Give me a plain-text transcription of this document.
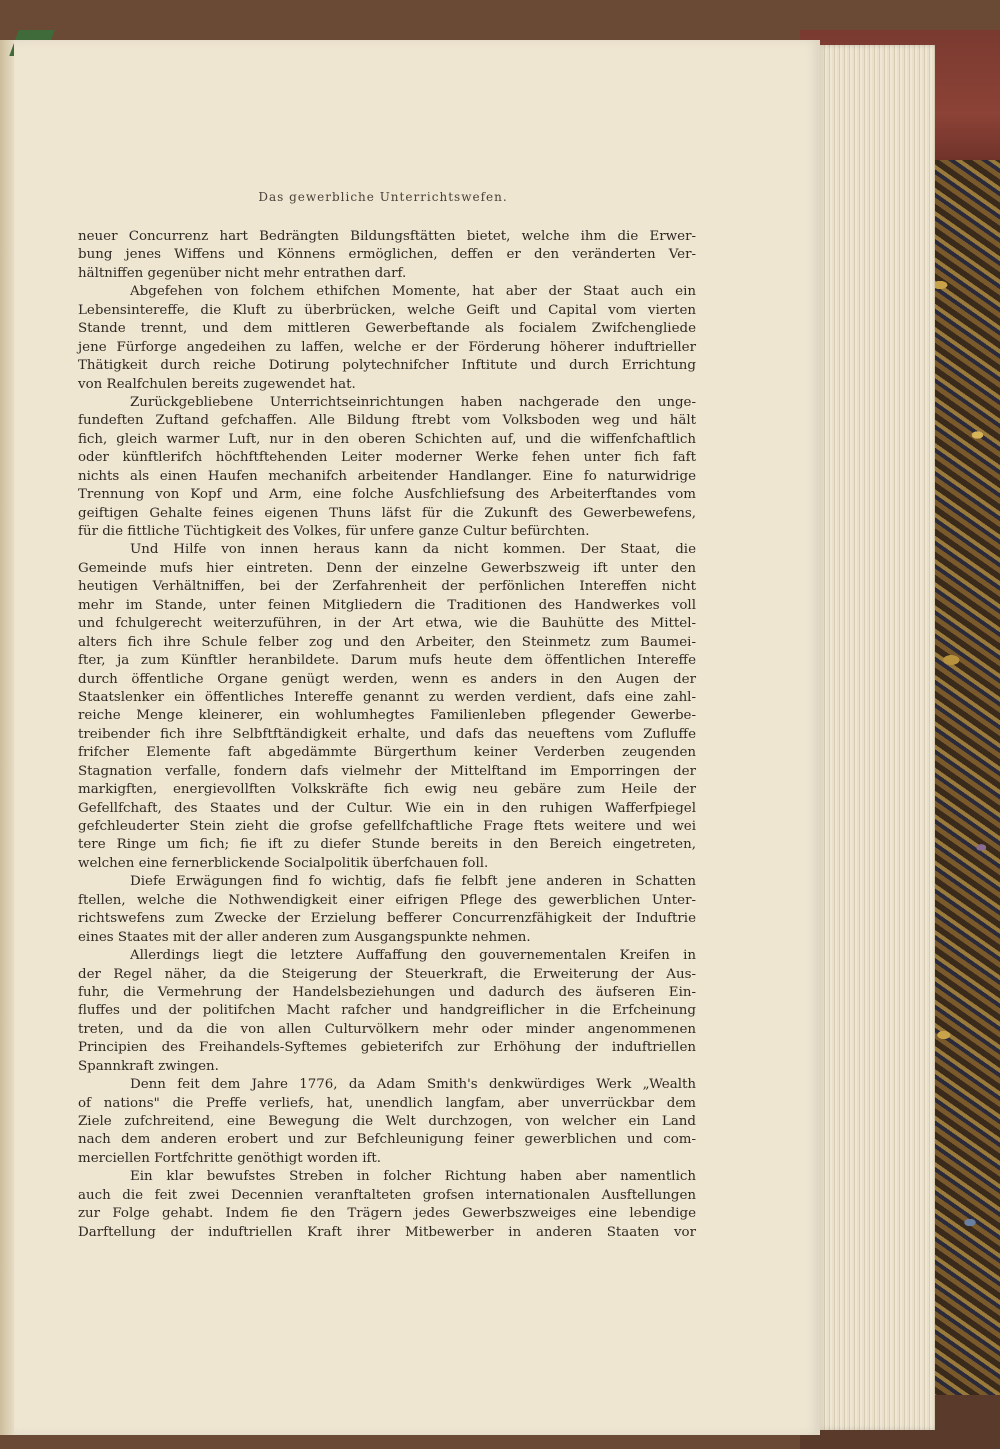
Das gewerbliche Unterrichtswefen.
neuer Concurrenz hart Bedrängten Bildungsftätten bietet, welche ihm die Erwer-
bung jenes Wiffens und Könnens ermöglichen, deffen er den veränderten Ver-
hältniffen gegenüber nicht mehr entrathen darf.
Abgefehen von folchem ethifchen Momente, hat aber der Staat auch ein
Lebensintereffe, die Kluft zu überbrücken, welche Geift und Capital vom vierten
Stande trennt, und dem mittleren Gewerbeftande als focialem Zwifchengliede
jene Fürforge angedeihen zu laffen, welche er der Förderung höherer induftrieller
Thätigkeit durch reiche Dotirung polytechnifcher Inftitute und durch Errichtung
von Realfchulen bereits zugewendet hat.
Zurückgebliebene Unterrichtseinrichtungen haben nachgerade den unge-
fundeften Zuftand gefchaffen. Alle Bildung ftrebt vom Volksboden weg und hält
fich, gleich warmer Luft, nur in den oberen Schichten auf, und die wiffenfchaftlich
oder künftlerifch höchftftehenden Leiter moderner Werke fehen unter fich faft
nichts als einen Haufen mechanifch arbeitender Handlanger. Eine fo naturwidrige
Trennung von Kopf und Arm, eine folche Ausfchliefsung des Arbeiterftandes vom
geiftigen Gehalte feines eigenen Thuns läfst für die Zukunft des Gewerbewefens,
für die fittliche Tüchtigkeit des Volkes, für unfere ganze Cultur befürchten.
Und Hilfe von innen heraus kann da nicht kommen. Der Staat, die
Gemeinde mufs hier eintreten. Denn der einzelne Gewerbszweig ift unter den
heutigen Verhältniffen, bei der Zerfahrenheit der perfönlichen Intereffen nicht
mehr im Stande, unter feinen Mitgliedern die Traditionen des Handwerkes voll
und fchulgerecht weiterzuführen, in der Art etwa, wie die Bauhütte des Mittel-
alters fich ihre Schule felber zog und den Arbeiter, den Steinmetz zum Baumei-
fter, ja zum Künftler heranbildete. Darum mufs heute dem öffentlichen Intereffe
durch öffentliche Organe genügt werden, wenn es anders in den Augen der
Staatslenker ein öffentliches Intereffe genannt zu werden verdient, dafs eine zahl-
reiche Menge kleinerer, ein wohlumhegtes Familienleben pflegender Gewerbe-
treibender fich ihre Selbftftändigkeit erhalte, und dafs das neueftens vom Zufluffe
frifcher Elemente faft abgedämmte Bürgerthum keiner Verderben zeugenden
Stagnation verfalle, fondern dafs vielmehr der Mittelftand im Emporringen der
markigften, energievollften Volkskräfte fich ewig neu gebäre zum Heile der
Gefellfchaft, des Staates und der Cultur. Wie ein in den ruhigen Wafferfpiegel
gefchleuderter Stein zieht die grofse gefellfchaftliche Frage ftets weitere und wei
tere Ringe um fich; fie ift zu diefer Stunde bereits in den Bereich eingetreten,
welchen eine fernerblickende Socialpolitik überfchauen foll.
Diefe Erwägungen find fo wichtig, dafs fie felbft jene anderen in Schatten
ftellen, welche die Nothwendigkeit einer eifrigen Pflege des gewerblichen Unter-
richtswefens zum Zwecke der Erzielung befferer Concurrenzfähigkeit der Induftrie
eines Staates mit der aller anderen zum Ausgangspunkte nehmen.
Allerdings liegt die letztere Auffaffung den gouvernementalen Kreifen in
der Regel näher, da die Steigerung der Steuerkraft, die Erweiterung der Aus-
fuhr, die Vermehrung der Handelsbeziehungen und dadurch des äufseren Ein-
fluffes und der politifchen Macht rafcher und handgreiflicher in die Erfcheinung
treten, und da die von allen Culturvölkern mehr oder minder angenommenen
Principien des Freihandels-Syftemes gebieterifch zur Erhöhung der induftriellen
Spannkraft zwingen.
Denn feit dem Jahre 1776, da Adam Smith's denkwürdiges Werk „Wealth
of nations" die Preffe verliefs, hat, unendlich langfam, aber unverrückbar dem
Ziele zufchreitend, eine Bewegung die Welt durchzogen, von welcher ein Land
nach dem anderen erobert und zur Befchleunigung feiner gewerblichen und com-
merciellen Fortfchritte genöthigt worden ift.
Ein klar bewufstes Streben in folcher Richtung haben aber namentlich
auch die feit zwei Decennien veranftalteten grofsen internationalen Ausftellungen
zur Folge gehabt. Indem fie den Trägern jedes Gewerbszweiges eine lebendige
Darftellung der induftriellen Kraft ihrer Mitbewerber in anderen Staaten vor
